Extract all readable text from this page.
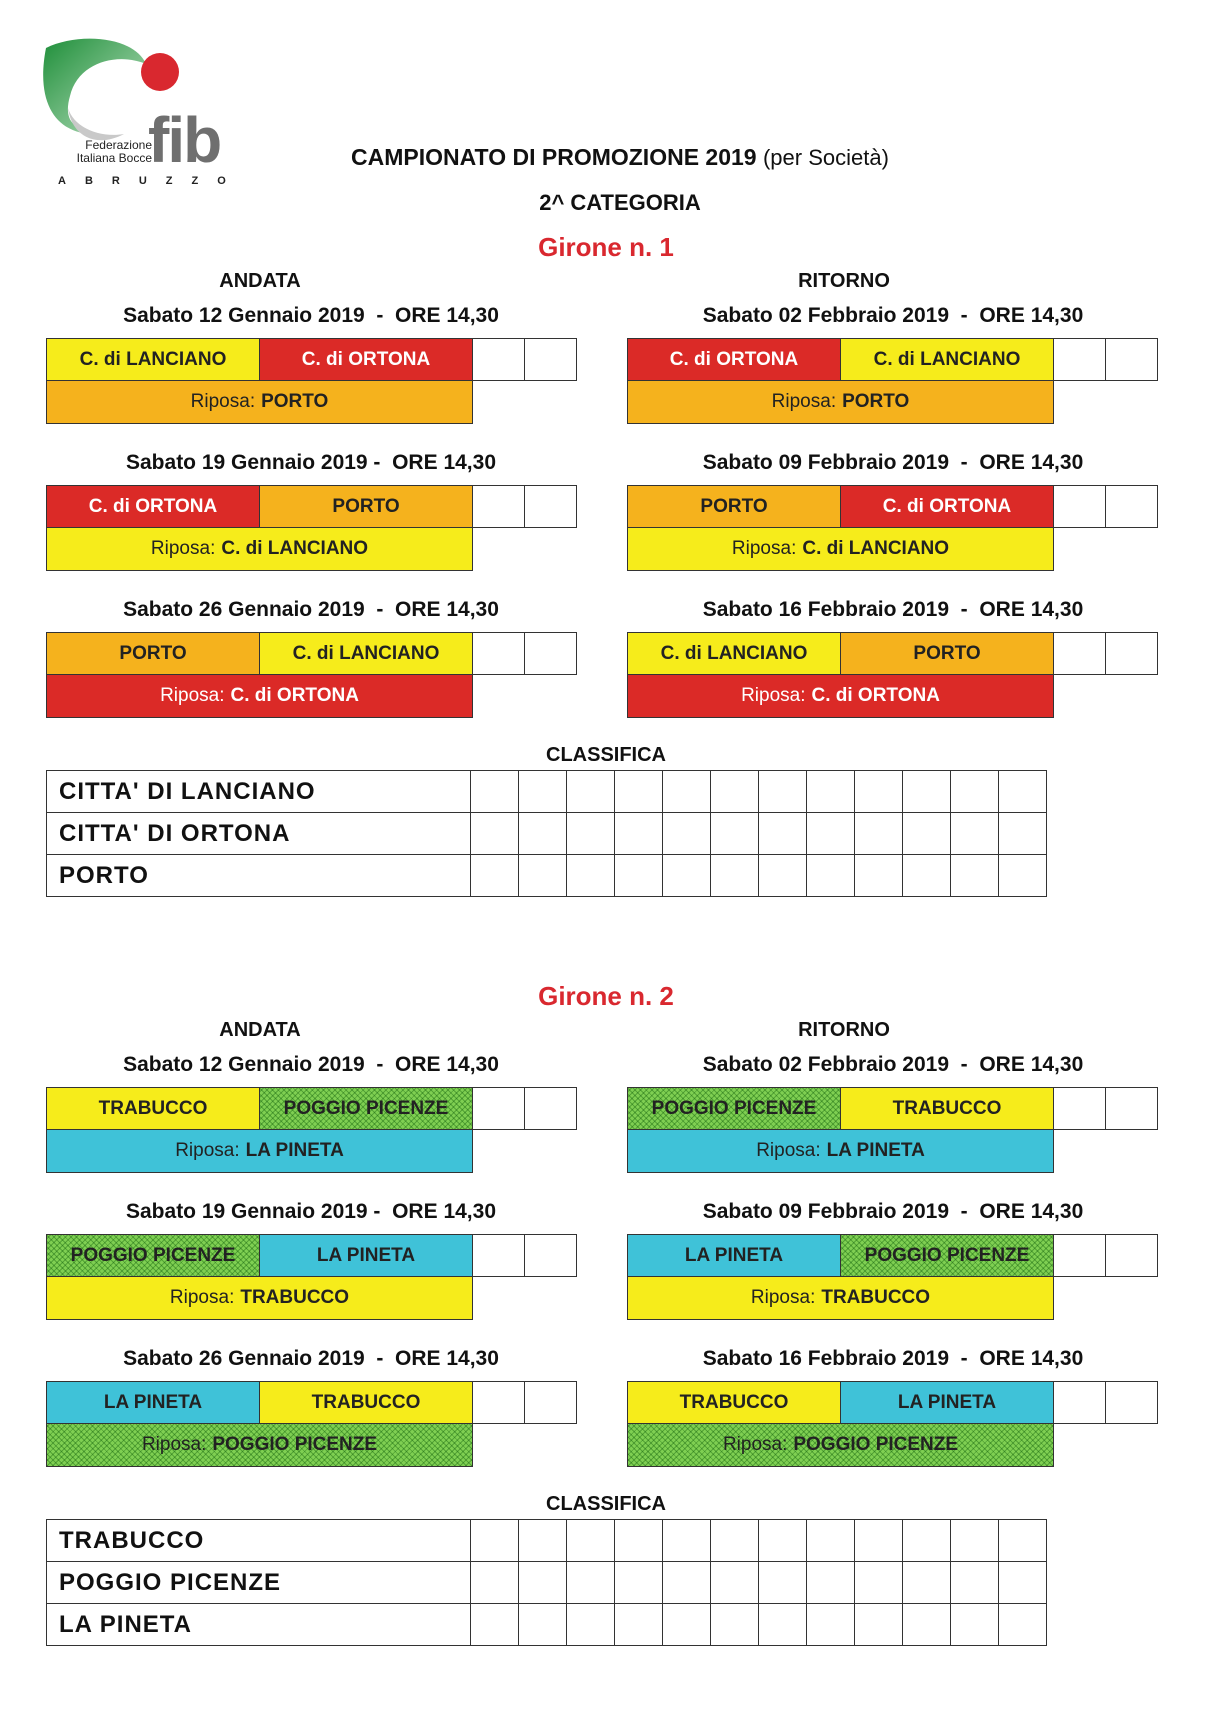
Federazione
Italiana Bocce
fib
ABRUZZO
CAMPIONATO DI PROMOZIONE 2019 (per Società)
2^ CATEGORIA
Girone n. 1
ANDATA	RITORNO
Sabato 12 Gennaio 2019  -  ORE 14,30
C. di LANCIANO	C. di ORTONA
Riposa: PORTO
Sabato 19 Gennaio 2019 -  ORE 14,30
C. di ORTONA	PORTO
Riposa: C. di LANCIANO
Sabato 26 Gennaio 2019  -  ORE 14,30
PORTO	C. di LANCIANO
Riposa: C. di ORTONA
Sabato 02 Febbraio 2019  -  ORE 14,30
C. di ORTONA	C. di LANCIANO
Riposa: PORTO
Sabato 09 Febbraio 2019  -  ORE 14,30
PORTO	C. di ORTONA
Riposa: C. di LANCIANO
Sabato 16 Febbraio 2019  -  ORE 14,30
C. di LANCIANO	PORTO
Riposa: C. di ORTONA
CLASSIFICA
CITTA' DI LANCIANO												
CITTA' DI ORTONA												
PORTO												
Girone n. 2
ANDATA	RITORNO
Sabato 12 Gennaio 2019  -  ORE 14,30
TRABUCCO	POGGIO PICENZE
Riposa: LA PINETA
Sabato 19 Gennaio 2019 -  ORE 14,30
POGGIO PICENZE	LA PINETA
Riposa: TRABUCCO
Sabato 26 Gennaio 2019  -  ORE 14,30
LA PINETA	TRABUCCO
Riposa: POGGIO PICENZE
Sabato 02 Febbraio 2019  -  ORE 14,30
POGGIO PICENZE	TRABUCCO
Riposa: LA PINETA
Sabato 09 Febbraio 2019  -  ORE 14,30
LA PINETA	POGGIO PICENZE
Riposa: TRABUCCO
Sabato 16 Febbraio 2019  -  ORE 14,30
TRABUCCO	LA PINETA
Riposa: POGGIO PICENZE
CLASSIFICA
TRABUCCO												
POGGIO PICENZE												
LA PINETA												
